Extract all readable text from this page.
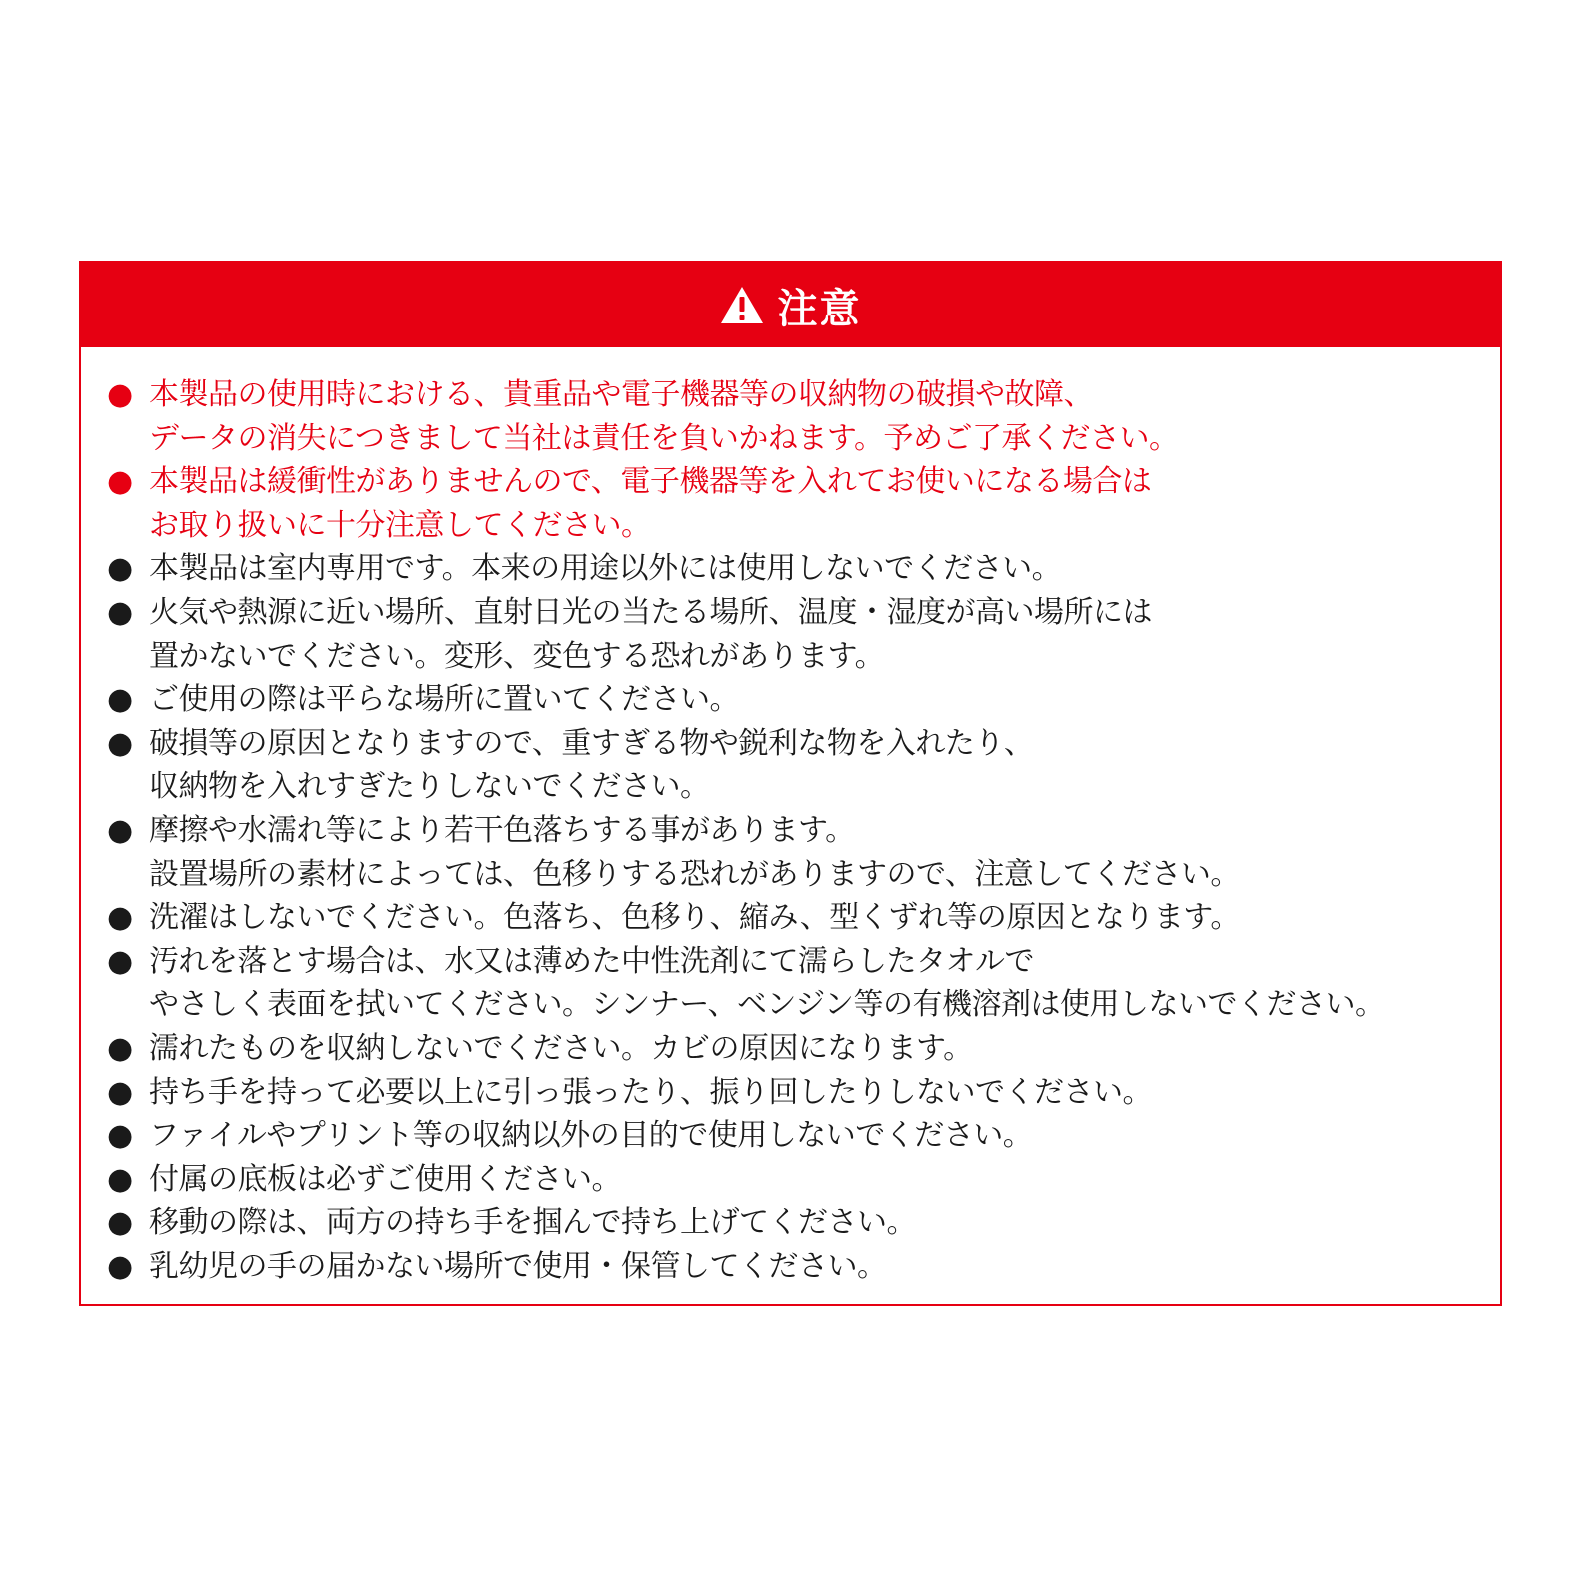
注意
● 本製品の使用時における、貴重品や電子機器等の収納物の破損や故障、
データの消失につきまして当社は責任を負いかねます。予めご了承ください。
● 本製品は緩衝性がありませんので、電子機器等を入れてお使いになる場合は
お取り扱いに十分注意してください。
● 本製品は室内専用です。本来の用途以外には使用しないでください。
● 火気や熱源に近い場所、直射日光の当たる場所、温度・湿度が高い場所には
置かないでください。変形、変色する恐れがあります。
● ご使用の際は平らな場所に置いてください。
● 破損等の原因となりますので、重すぎる物や鋭利な物を入れたり、
収納物を入れすぎたりしないでください。
● 摩擦や水濡れ等により若干色落ちする事があります。
設置場所の素材によっては、色移りする恐れがありますので、注意してください。
● 洗濯はしないでください。色落ち、色移り、縮み、型くずれ等の原因となります。
● 汚れを落とす場合は、水又は薄めた中性洗剤にて濡らしたタオルで
やさしく表面を拭いてください。シンナー、ベンジン等の有機溶剤は使用しないでください。
● 濡れたものを収納しないでください。カビの原因になります。
● 持ち手を持って必要以上に引っ張ったり、振り回したりしないでください。
● ファイルやプリント等の収納以外の目的で使用しないでください。
● 付属の底板は必ずご使用ください。
● 移動の際は、両方の持ち手を掴んで持ち上げてください。
● 乳幼児の手の届かない場所で使用・保管してください。
